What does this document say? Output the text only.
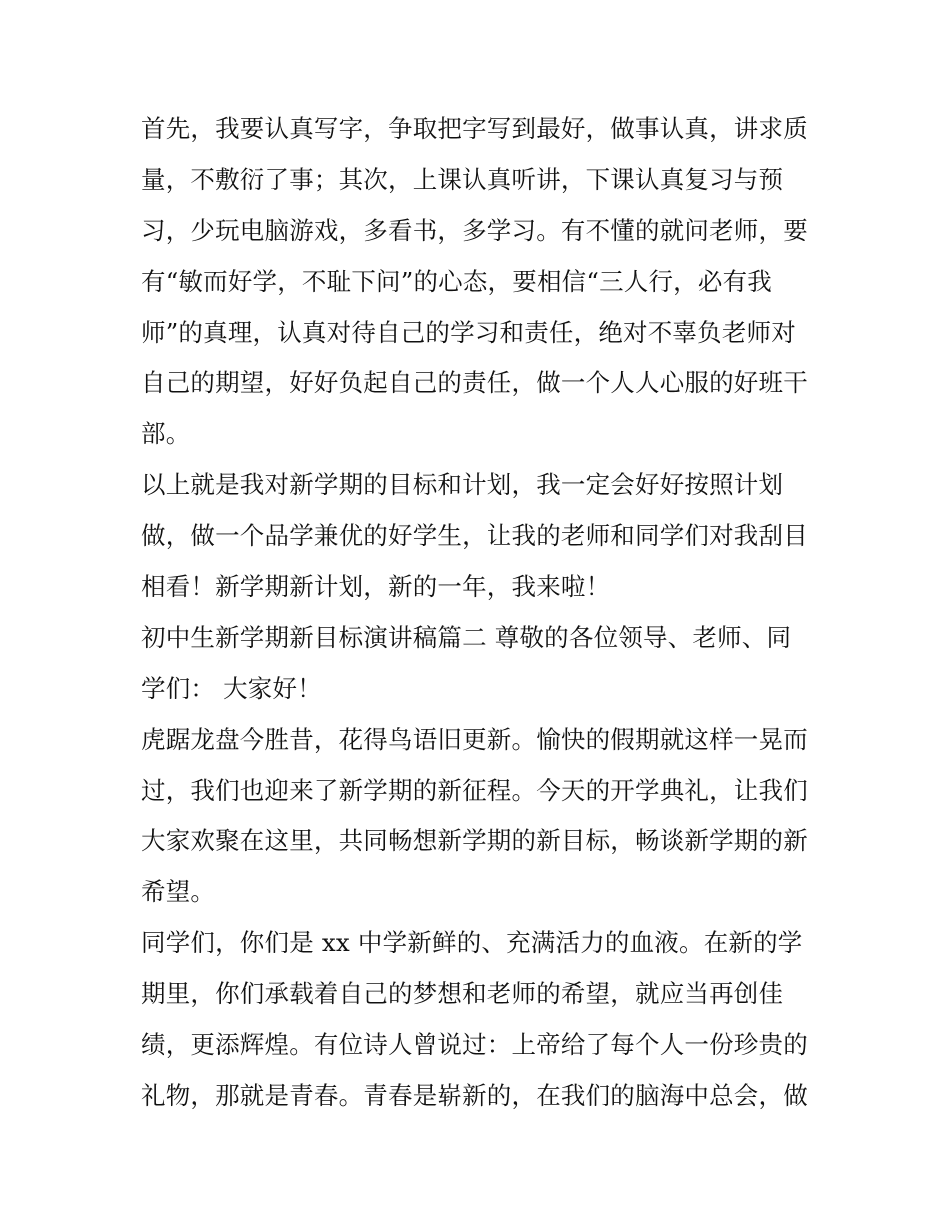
首先，我要认真写字，争取把字写到最好，做事认真，讲求质
量，不敷衍了事；其次，上课认真听讲，下课认真复习与预
习，少玩电脑游戏，多看书，多学习。有不懂的就问老师，要
有“敏而好学，不耻下问”的心态，要相信“三人行，必有我
师”的真理，认真对待自己的学习和责任，绝对不辜负老师对
自己的期望，好好负起自己的责任，做一个人人心服的好班干
部。
以上就是我对新学期的目标和计划，我一定会好好按照计划
做，做一个品学兼优的好学生，让我的老师和同学们对我刮目
相看！新学期新计划，新的一年，我来啦！
初中生新学期新目标演讲稿篇二 尊敬的各位领导、老师、同
学们： 大家好！
虎踞龙盘今胜昔，花得鸟语旧更新。愉快的假期就这样一晃而
过，我们也迎来了新学期的新征程。今天的开学典礼，让我们
大家欢聚在这里，共同畅想新学期的新目标，畅谈新学期的新
希望。
同学们，你们是 xx 中学新鲜的、充满活力的血液。在新的学
期里，你们承载着自己的梦想和老师的希望，就应当再创佳
绩，更添辉煌。有位诗人曾说过：上帝给了每个人一份珍贵的
礼物，那就是青春。青春是崭新的，在我们的脑海中总会，做
